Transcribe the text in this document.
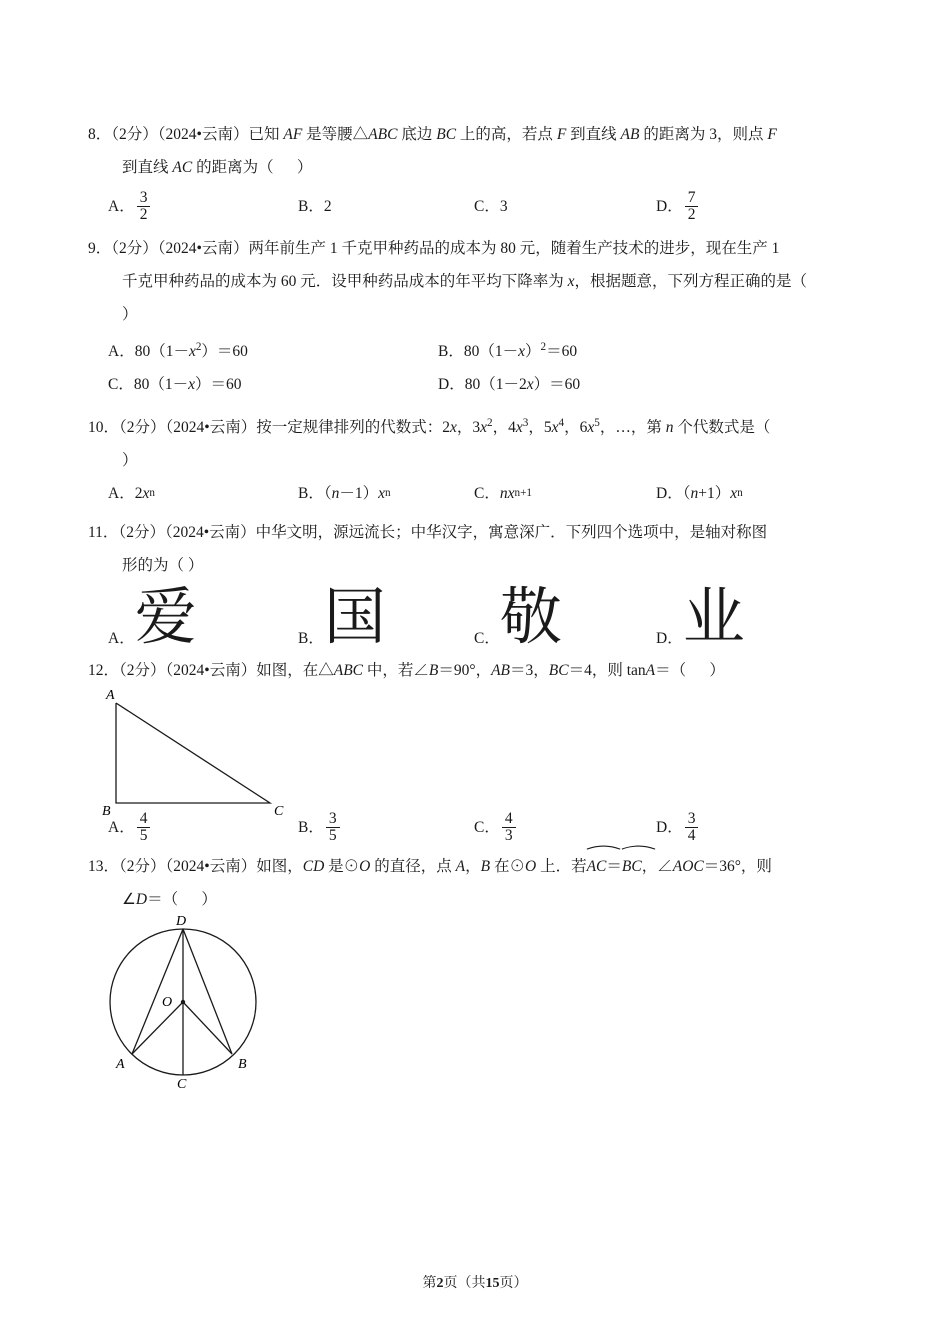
8．（2分）（2024•云南）已知 AF 是等腰△ABC 底边 BC 上的高，若点 F 到直线 AB 的距离为 3，则点 F
到直线 AC 的距离为（      ）
A． $\frac{3}{2}$	B． 2	C． 3	D． $\frac{7}{2}$
9．（2分）（2024•云南）两年前生产 1 千克甲种药品的成本为 80 元，随着生产技术的进步，现在生产 1
千克甲种药品的成本为 60 元．设甲种药品成本的年平均下降率为 x，根据题意，下列方程正确的是（
）
A．$80(1-x^2)=60$	B．$80(1-x)^2=60$
C．80（1－x）＝60	D．80（1－2x）＝60
10．（2分）（2024•云南）按一定规律排列的代数式：2x，$3x^2$，$4x^3$，$5x^4$，$6x^5$，…，第 n 个代数式是（
）
A．2 x n	B．（ n －1） x n	C． nx n+1	D．（ n +1） x n
11．（2分）（2024•云南）中华文明，源远流长；中华汉字，寓意深广．下列四个选项中，是轴对称图
形的为（ ）
A． 爱	B． 国	C． 敬	D． 业
12．（2分）（2024•云南）如图，在△ABC 中，若∠B＝90°，AB＝3，BC＝4，则 tanA＝（      ）
A
B	C
A． $\frac{4}{5}$	B． $\frac{3}{5}$	C． $\frac{4}{3}$	D． $\frac{3}{4}$
13．（2分）（2024•云南）如图，CD 是⊙O 的直径，点 A，B 在⊙O 上．若
AC＝
BC，∠AOC＝36°，则
∠D＝（      ）
D
O
A	B
C
第2页（共15页）
